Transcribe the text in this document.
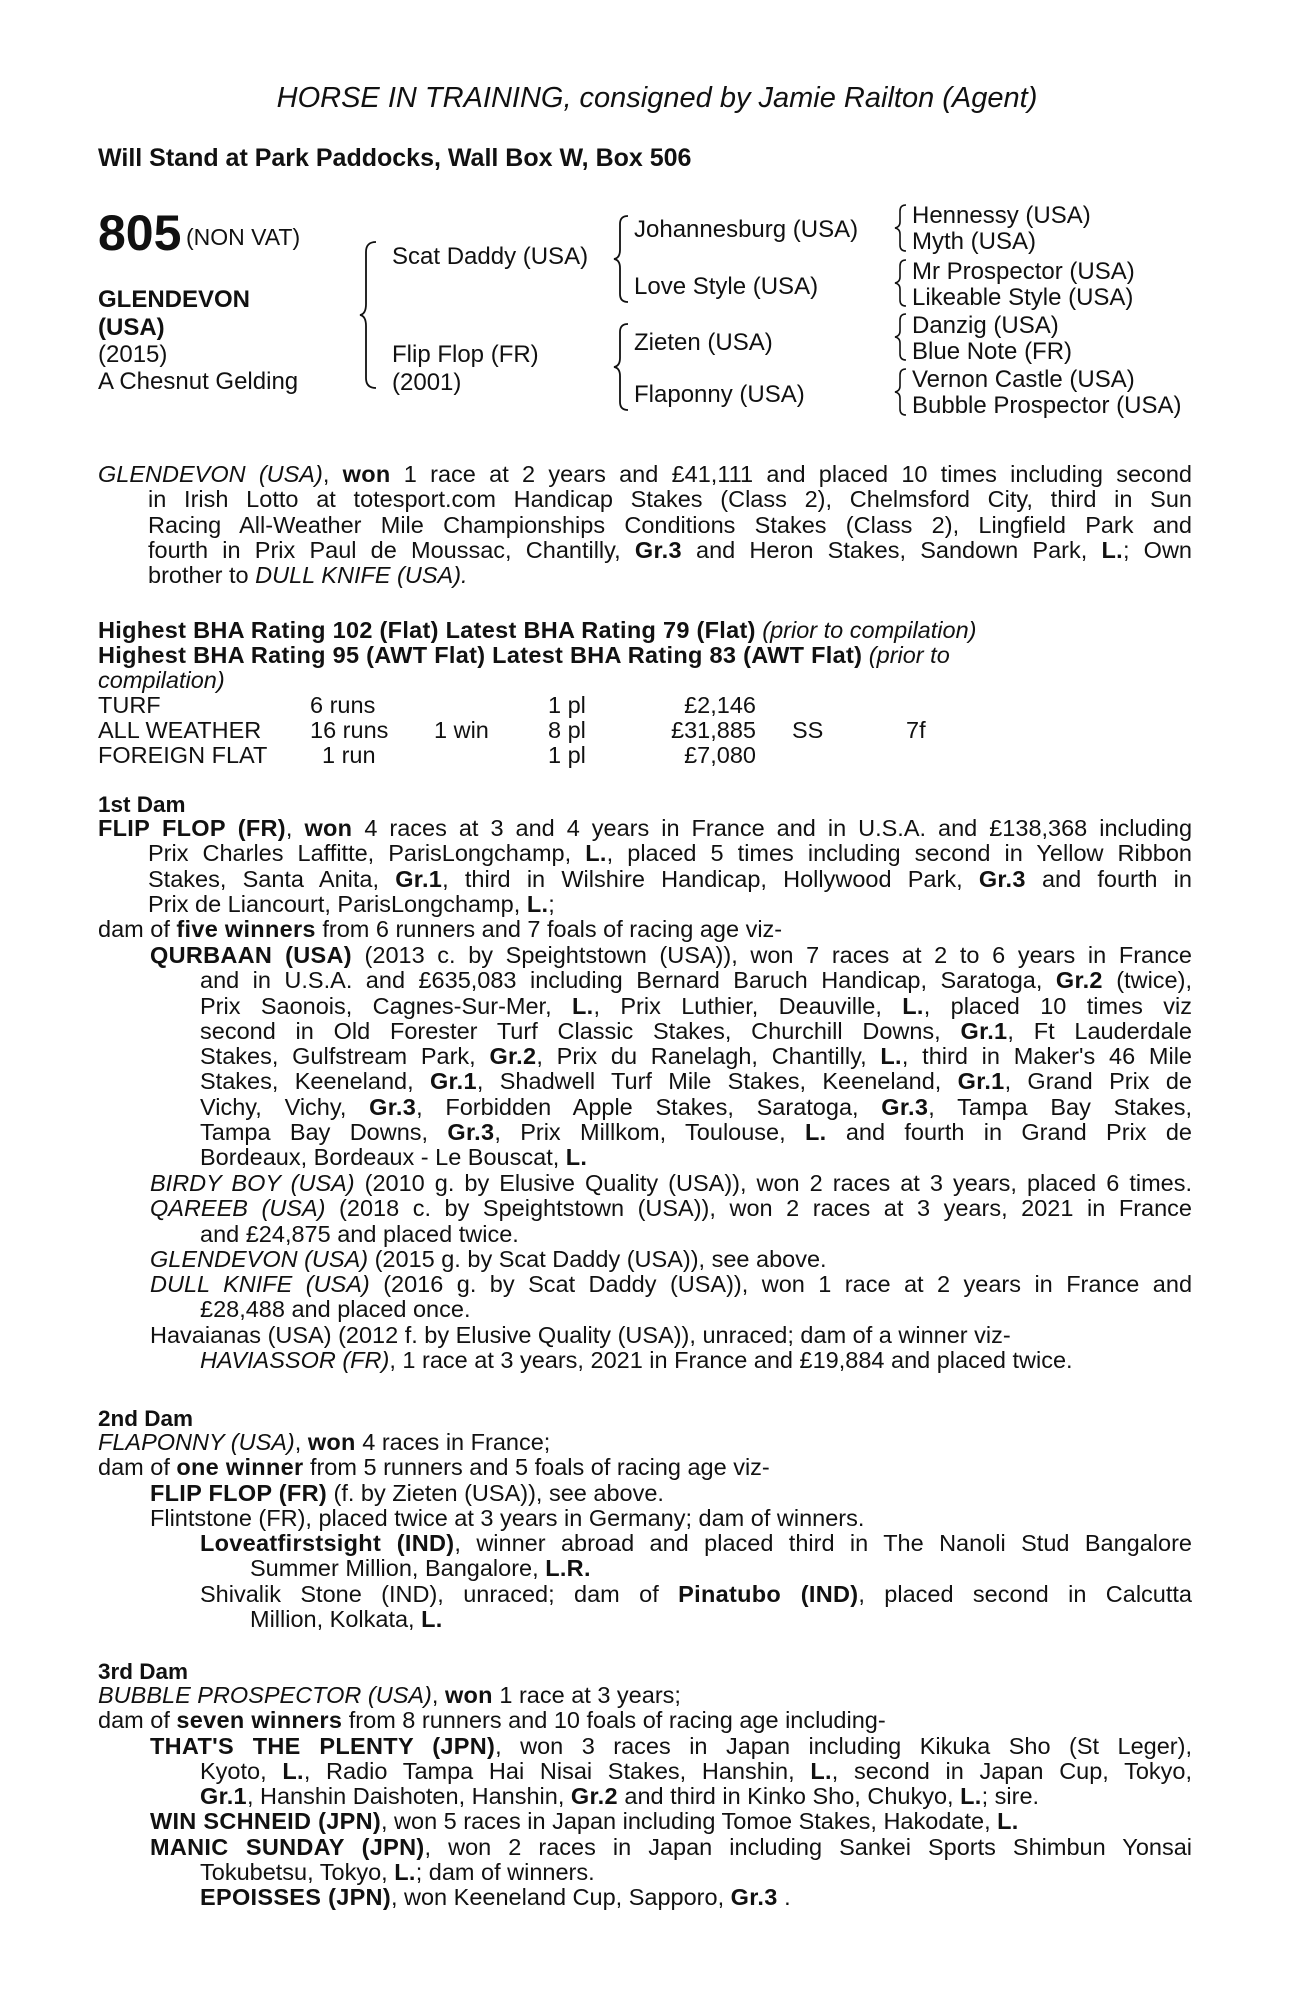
HORSE IN TRAINING, consigned by Jamie Railton (Agent)
Will Stand at Park Paddocks, Wall Box W, Box 506
805 (NON VAT)
GLENDEVON
(USA)
(2015)
A Chesnut Gelding
Scat Daddy (USA)
Flip Flop (FR)
(2001)
Johannesburg (USA)
Love Style (USA)
Zieten (USA)
Flaponny (USA)
Hennessy (USA)
Myth (USA)
Mr Prospector (USA)
Likeable Style (USA)
Danzig (USA)
Blue Note (FR)
Vernon Castle (USA)
Bubble Prospector (USA)
GLENDEVON (USA), won 1 race at 2 years and £41,111 and placed 10 times including second
in Irish Lotto at totesport.com Handicap Stakes (Class 2), Chelmsford City, third in Sun
Racing All-Weather Mile Championships Conditions Stakes (Class 2), Lingfield Park and
fourth in Prix Paul de Moussac, Chantilly, Gr.3 and Heron Stakes, Sandown Park, L.; Own
brother to DULL KNIFE (USA).
Highest BHA Rating 102 (Flat) Latest BHA Rating 79 (Flat) (prior to compilation)
Highest BHA Rating 95 (AWT Flat) Latest BHA Rating 83 (AWT Flat) (prior to
compilation)
TURF	6 runs	1 pl	£2,146
ALL WEATHER 16 runs 1 win	8 pl	£31,885 SS	7f
FOREIGN FLAT 1 run	1 pl	£7,080
1st Dam
FLIP FLOP (FR), won 4 races at 3 and 4 years in France and in U.S.A. and £138,368 including
Prix Charles Laffitte, ParisLongchamp, L., placed 5 times including second in Yellow Ribbon
Stakes, Santa Anita, Gr.1, third in Wilshire Handicap, Hollywood Park, Gr.3 and fourth in
Prix de Liancourt, ParisLongchamp, L.;
dam of five winners from 6 runners and 7 foals of racing age viz-
QURBAAN (USA) (2013 c. by Speightstown (USA)), won 7 races at 2 to 6 years in France
and in U.S.A. and £635,083 including Bernard Baruch Handicap, Saratoga, Gr.2 (twice),
Prix Saonois, Cagnes-Sur-Mer, L., Prix Luthier, Deauville, L., placed 10 times viz
second in Old Forester Turf Classic Stakes, Churchill Downs, Gr.1, Ft Lauderdale
Stakes, Gulfstream Park, Gr.2, Prix du Ranelagh, Chantilly, L., third in Maker's 46 Mile
Stakes, Keeneland, Gr.1, Shadwell Turf Mile Stakes, Keeneland, Gr.1, Grand Prix de
Vichy, Vichy, Gr.3, Forbidden Apple Stakes, Saratoga, Gr.3, Tampa Bay Stakes,
Tampa Bay Downs, Gr.3, Prix Millkom, Toulouse, L. and fourth in Grand Prix de
Bordeaux, Bordeaux - Le Bouscat, L.
BIRDY BOY (USA) (2010 g. by Elusive Quality (USA)), won 2 races at 3 years, placed 6 times.
QAREEB (USA) (2018 c. by Speightstown (USA)), won 2 races at 3 years, 2021 in France
and £24,875 and placed twice.
GLENDEVON (USA) (2015 g. by Scat Daddy (USA)), see above.
DULL KNIFE (USA) (2016 g. by Scat Daddy (USA)), won 1 race at 2 years in France and
£28,488 and placed once.
Havaianas (USA) (2012 f. by Elusive Quality (USA)), unraced; dam of a winner viz-
HAVIASSOR (FR), 1 race at 3 years, 2021 in France and £19,884 and placed twice.
2nd Dam
FLAPONNY (USA), won 4 races in France;
dam of one winner from 5 runners and 5 foals of racing age viz-
FLIP FLOP (FR) (f. by Zieten (USA)), see above.
Flintstone (FR), placed twice at 3 years in Germany; dam of winners.
Loveatfirstsight (IND), winner abroad and placed third in The Nanoli Stud Bangalore
Summer Million, Bangalore, L.R.
Shivalik Stone (IND), unraced; dam of Pinatubo (IND), placed second in Calcutta
Million, Kolkata, L.
3rd Dam
BUBBLE PROSPECTOR (USA), won 1 race at 3 years;
dam of seven winners from 8 runners and 10 foals of racing age including-
THAT'S THE PLENTY (JPN), won 3 races in Japan including Kikuka Sho (St Leger),
Kyoto, L., Radio Tampa Hai Nisai Stakes, Hanshin, L., second in Japan Cup, Tokyo,
Gr.1, Hanshin Daishoten, Hanshin, Gr.2 and third in Kinko Sho, Chukyo, L.; sire.
WIN SCHNEID (JPN), won 5 races in Japan including Tomoe Stakes, Hakodate, L.
MANIC SUNDAY (JPN), won 2 races in Japan including Sankei Sports Shimbun Yonsai
Tokubetsu, Tokyo, L.; dam of winners.
EPOISSES (JPN), won Keeneland Cup, Sapporo, Gr.3 .
